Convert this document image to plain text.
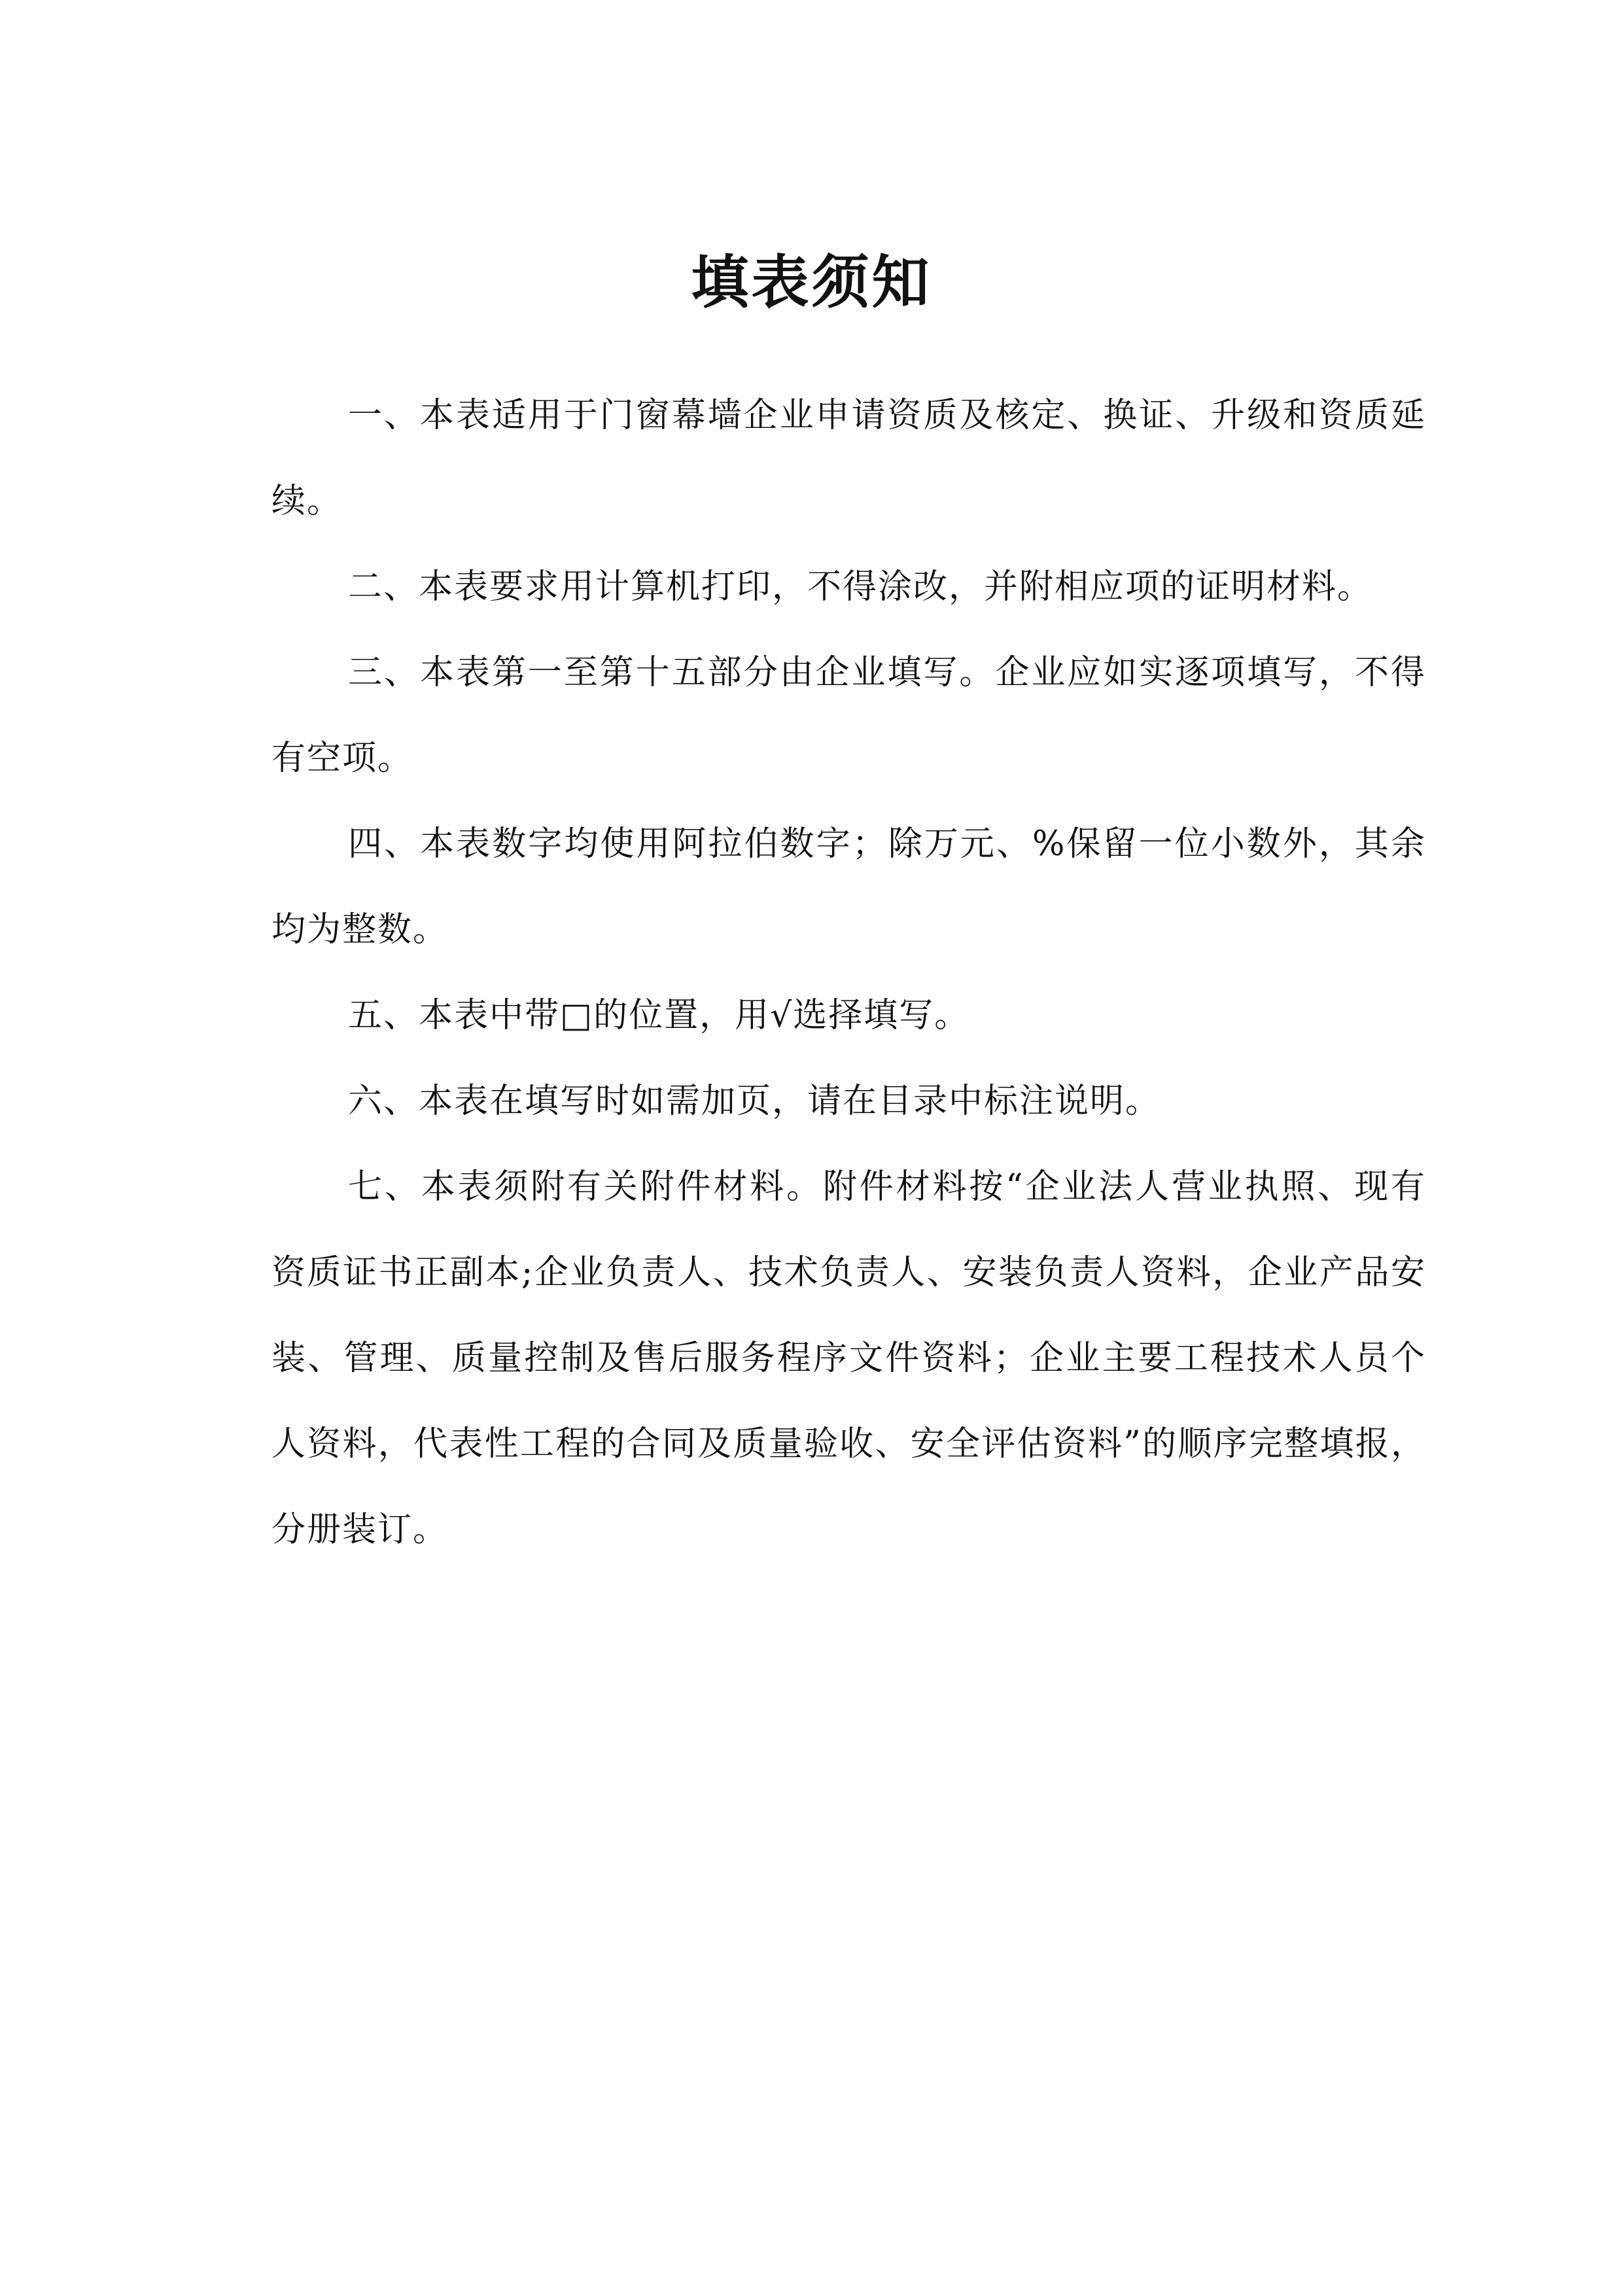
填表须知

一、本表适用于门窗幕墙企业申请资质及核定、换证、升级和资质延续。

二、本表要求用计算机打印，不得涂改，并附相应项的证明材料。

三、本表第一至第十五部分由企业填写。企业应如实逐项填写，不得有空项。

四、本表数字均使用阿拉伯数字；除万元、%保留一位小数外，其余均为整数。

五、本表中带□的位置，用√选择填写。

六、本表在填写时如需加页，请在目录中标注说明。

七、本表须附有关附件材料。附件材料按“企业法人营业执照、现有资质证书正副本;企业负责人、技术负责人、安装负责人资料，企业产品安装、管理、质量控制及售后服务程序文件资料；企业主要工程技术人员个人资料，代表性工程的合同及质量验收、安全评估资料”的顺序完整填报，分册装订。
